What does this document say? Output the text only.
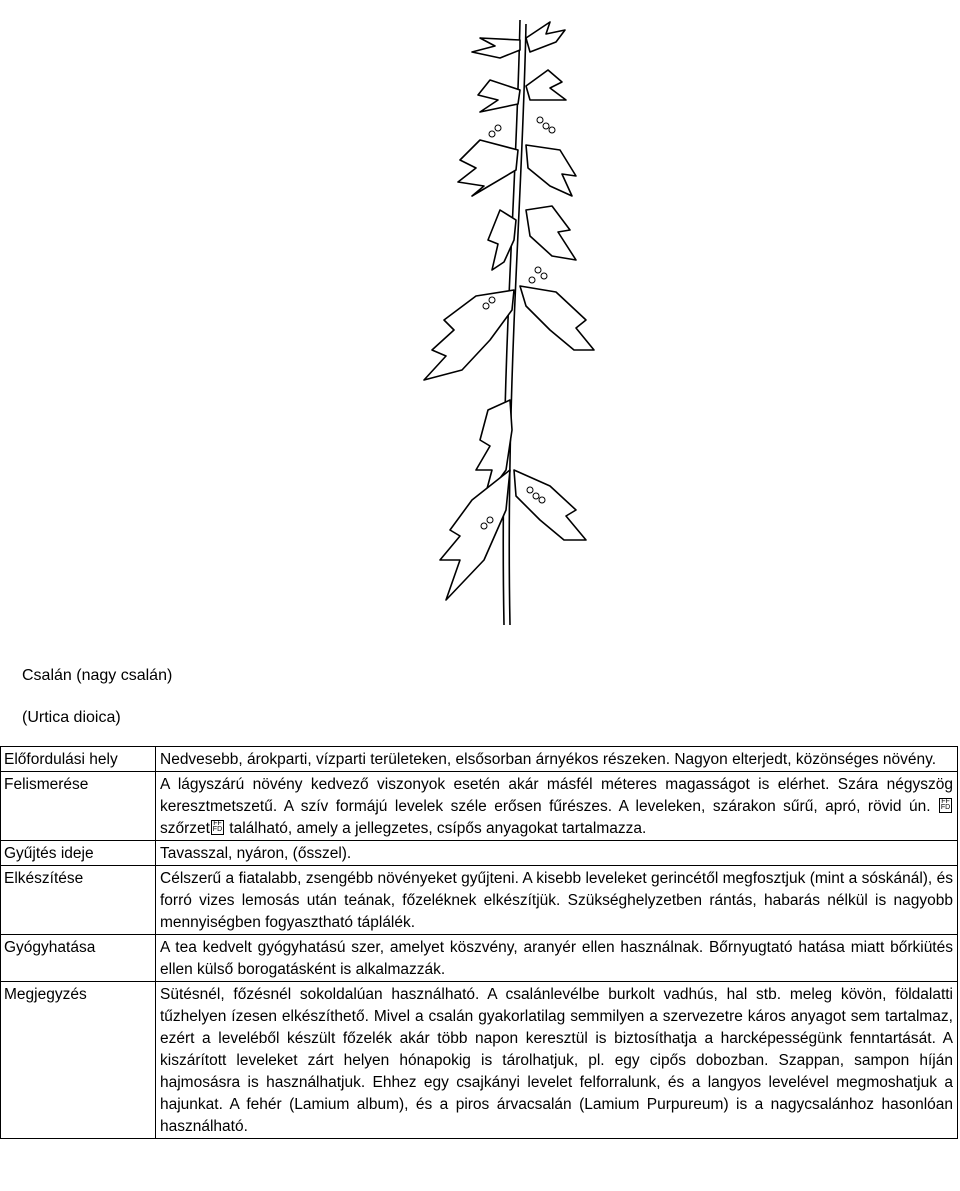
Csalán (nagy csalán)
(Urtica dioica)
Előfordulási hely	Nedvesebb, árokparti, vízparti területeken, elsősorban árnyékos részeken. Nagyon elterjedt, közönséges növény.
Felismerése	A lágyszárú növény kedvező viszonyok esetén akár másfél méteres magasságot is elérhet. Szára négyszög keresztmetszetű. A szív formájú levelek széle erősen fűrészes. A leveleken, szárakon sűrű, apró, rövid ún. FF
FDszőrzet FF
FD található, amely a jellegzetes, csípős anyagokat tartalmazza.
Gyűjtés ideje	Tavasszal, nyáron, (ősszel).
Elkészítése	Célszerű a fiatalabb, zsengébb növényeket gyűjteni. A kisebb leveleket gerincétől megfosztjuk (mint a sóskánál), és forró vizes lemosás után teának, főzeléknek elkészítjük. Szükséghelyzetben rántás, habarás nélkül is nagyobb mennyiségben fogyasztható táplálék.
Gyógyhatása	A tea kedvelt gyógyhatású szer, amelyet köszvény, aranyér ellen használnak. Bőrnyugtató hatása miatt bőrkiütés ellen külső borogatásként is alkalmazzák.
Megjegyzés	Sütésnél, főzésnél sokoldalúan használható. A csalánlevélbe burkolt vadhús, hal stb. meleg kövön, földalatti tűzhelyen ízesen elkészíthető. Mivel a csalán gyakorlatilag semmilyen a szervezetre káros anyagot sem tartalmaz, ezért a leveléből készült főzelék akár több napon keresztül is biztosíthatja a harcképességünk fenntartását. A kiszárított leveleket zárt helyen hónapokig is tárolhatjuk, pl. egy cipős dobozban. Szappan, sampon híján hajmosásra is használhatjuk. Ehhez egy csajkányi levelet felforralunk, és a langyos levelével megmoshatjuk a hajunkat. A fehér (Lamium album), és a piros árvacsalán (Lamium Purpureum) is a nagycsalánhoz hasonlóan használható.
